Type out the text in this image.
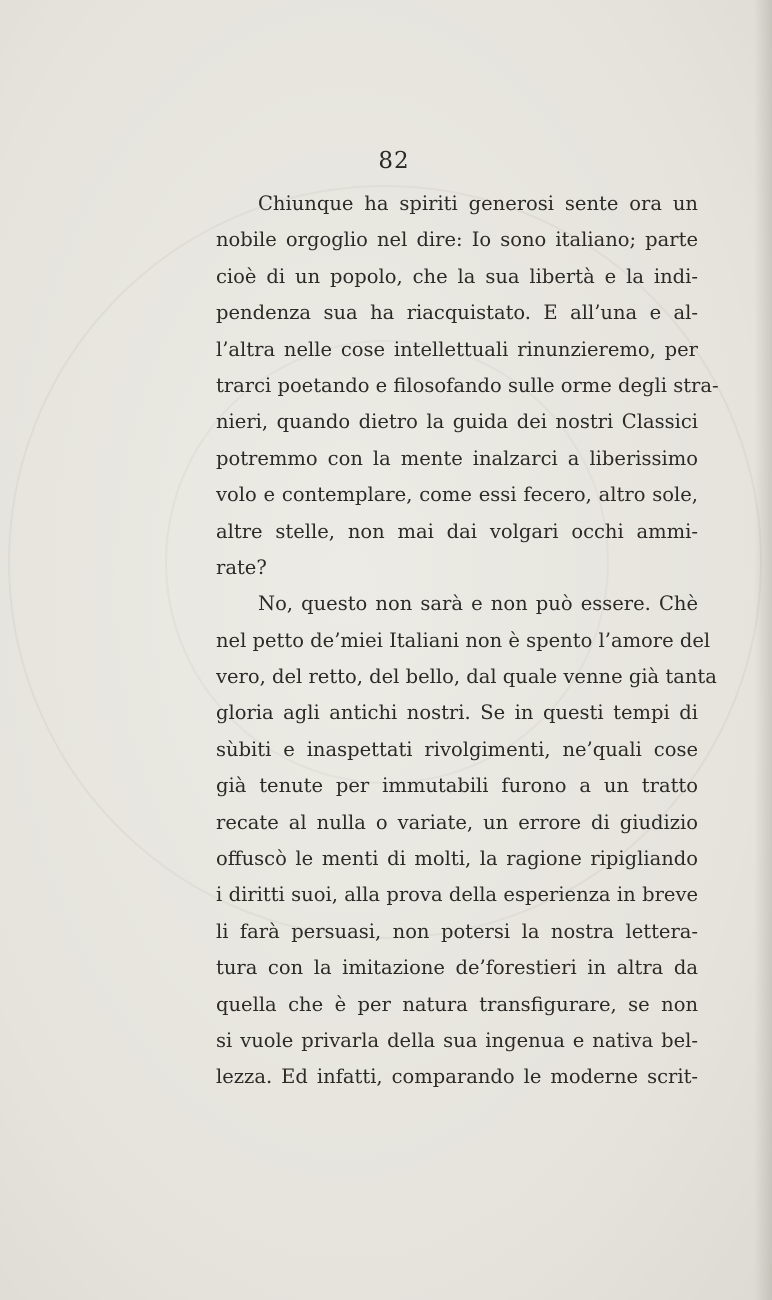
82
Chiunque ha spiriti generosi sente ora un
nobile orgoglio nel dire: Io sono italiano; parte
cioè di un popolo, che la sua libertà e la indi-
pendenza sua ha riacquistato. E all’una e al-
l’altra nelle cose intellettuali rinunzieremo, per
trarci poetando e filosofando sulle orme degli stra-
nieri, quando dietro la guida dei nostri Classici
potremmo con la mente inalzarci a liberissimo
volo e contemplare, come essi fecero, altro sole,
altre stelle, non mai dai volgari occhi ammi-
rate?
No, questo non sarà e non può essere. Chè
nel petto de’miei Italiani non è spento l’amore del
vero, del retto, del bello, dal quale venne già tanta
gloria agli antichi nostri. Se in questi tempi di
sùbiti e inaspettati rivolgimenti, ne’quali cose
già tenute per immutabili furono a un tratto
recate al nulla o variate, un errore di giudizio
offuscò le menti di molti, la ragione ripigliando
i diritti suoi, alla prova della esperienza in breve
li farà persuasi, non potersi la nostra lettera-
tura con la imitazione de’forestieri in altra da
quella che è per natura transfigurare, se non
si vuole privarla della sua ingenua e nativa bel-
lezza. Ed infatti, comparando le moderne scrit-
